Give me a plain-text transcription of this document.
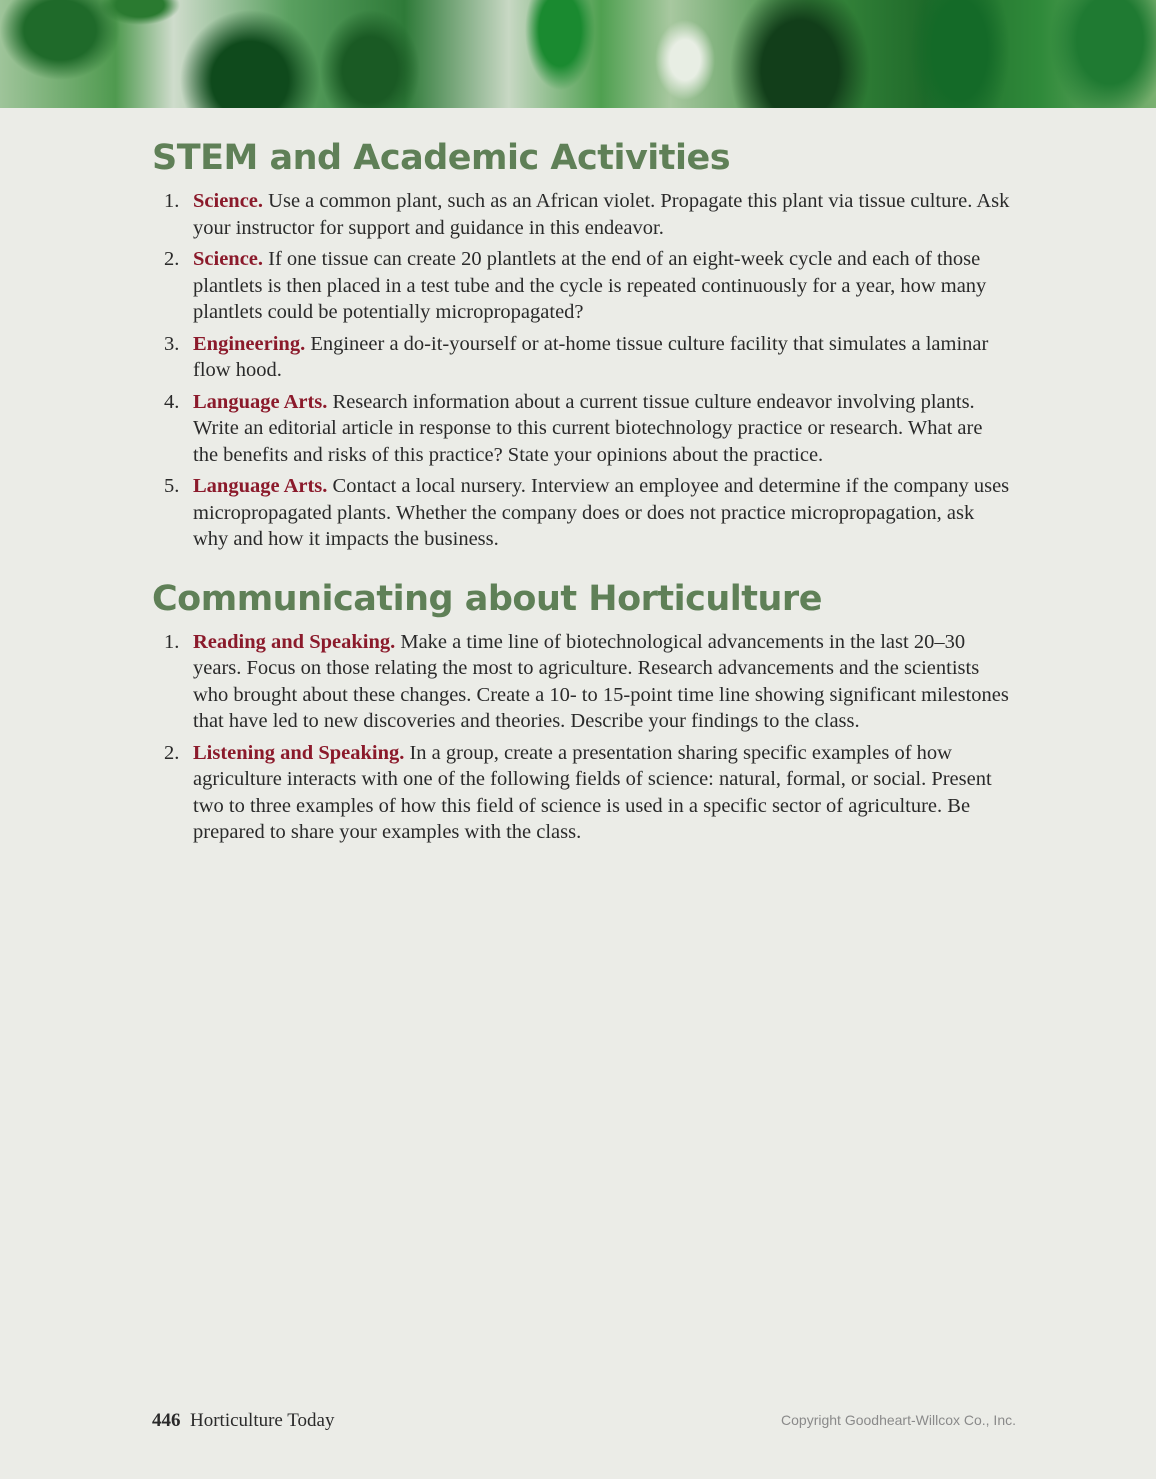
STEM and Academic Activities
1. Science. Use a common plant, such as an African violet. Propagate this plant via tissue culture. Ask your instructor for support and guidance in this endeavor.
2. Science. If one tissue can create 20 plantlets at the end of an eight-week cycle and each of those plantlets is then placed in a test tube and the cycle is repeated continuously for a year, how many plantlets could be potentially micropropagated?
3. Engineering. Engineer a do-it-yourself or at-home tissue culture facility that simulates a laminar flow hood.
4. Language Arts. Research information about a current tissue culture endeavor involving plants. Write an editorial article in response to this current biotechnology practice or research. What are the benefits and risks of this practice? State your opinions about the practice.
5. Language Arts. Contact a local nursery. Interview an employee and determine if the company uses micropropagated plants. Whether the company does or does not practice micropropagation, ask why and how it impacts the business.
Communicating about Horticulture
1. Reading and Speaking. Make a time line of biotechnological advancements in the last 20–30 years. Focus on those relating the most to agriculture. Research advancements and the scientists who brought about these changes. Create a 10- to 15-point time line showing significant milestones that have led to new discoveries and theories. Describe your findings to the class.
2. Listening and Speaking. In a group, create a presentation sharing specific examples of how agriculture interacts with one of the following fields of science: natural, formal, or social. Present two to three examples of how this field of science is used in a specific sector of agriculture. Be prepared to share your examples with the class.
446 Horticulture Today	Copyright Goodheart-Willcox Co., Inc.
